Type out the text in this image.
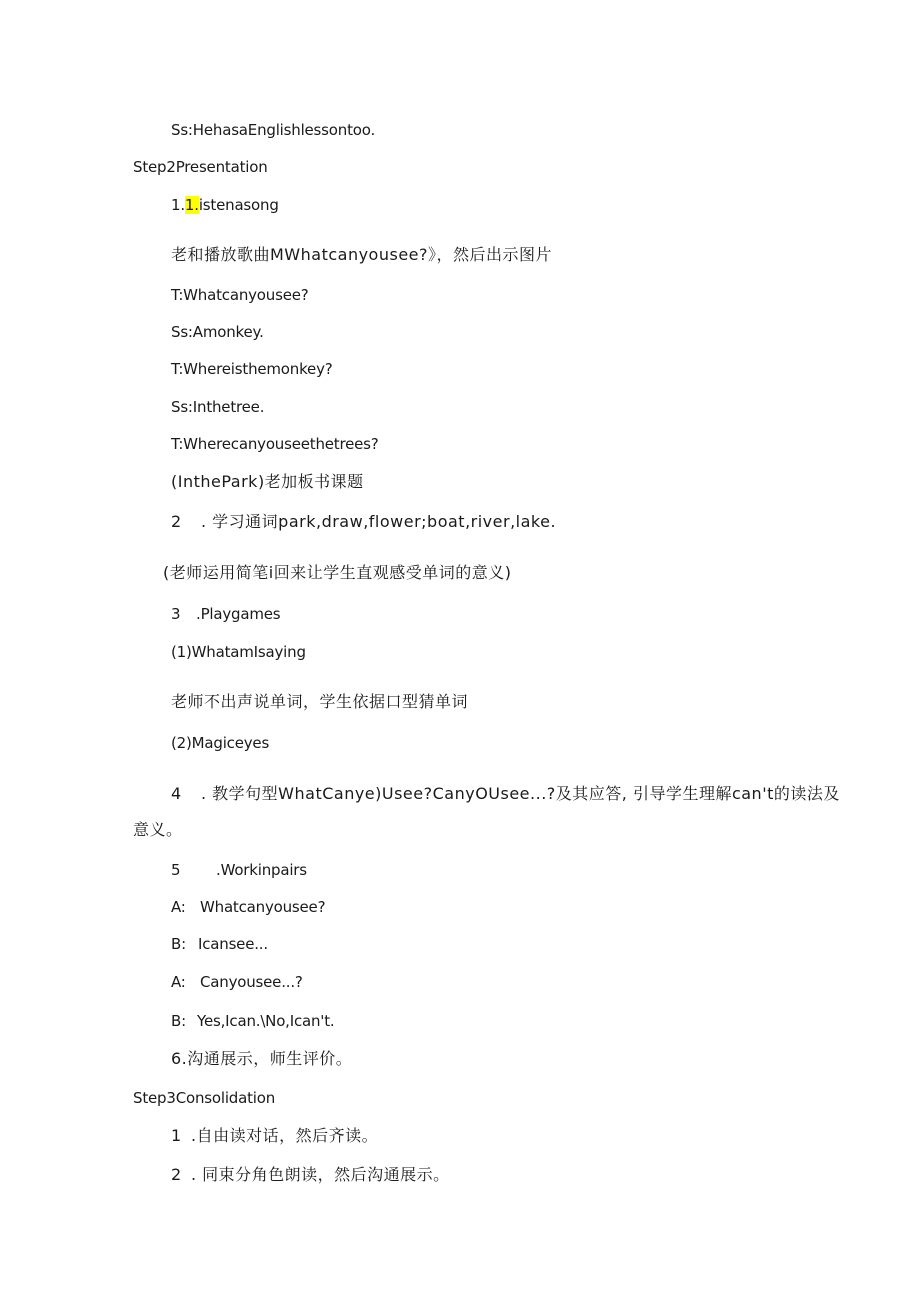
Ss:HehasaEnglishlessontoo.
Step2Presentation
1.1.istenasong
老和播放歌曲MWhatcanyousee?》，然后出示图片
T:Whatcanyousee?
Ss:Amonkey.
T:Whereisthemonkey?
Ss:Inthetree.
T:Wherecanyouseethetrees?
(InthePark)老加板书课题
2 . 学习通词park,draw,flower;boat,river,lake.
(老师运用简笔i回来让学生直观感受单词的意义)
3 .Playgames
(1)WhatamIsaying
老师不出声说单词，学生依据口型猜单词
(2)Magiceyes
4 . 教学句型WhatCanye)Usee?CanyOUsee...?及其应答, 引导学生理解can't的读法及
意义。
5 .Workinpairs
A: Whatcanyousee?
B: Icansee...
A: Canyousee...?
B: Yes,Ican.\No,Ican't.
6.沟通展示，师生评价。
Step3Consolidation
1 .自由读对话，然后齐读。
2 . 同束分角色朗读，然后沟通展示。
